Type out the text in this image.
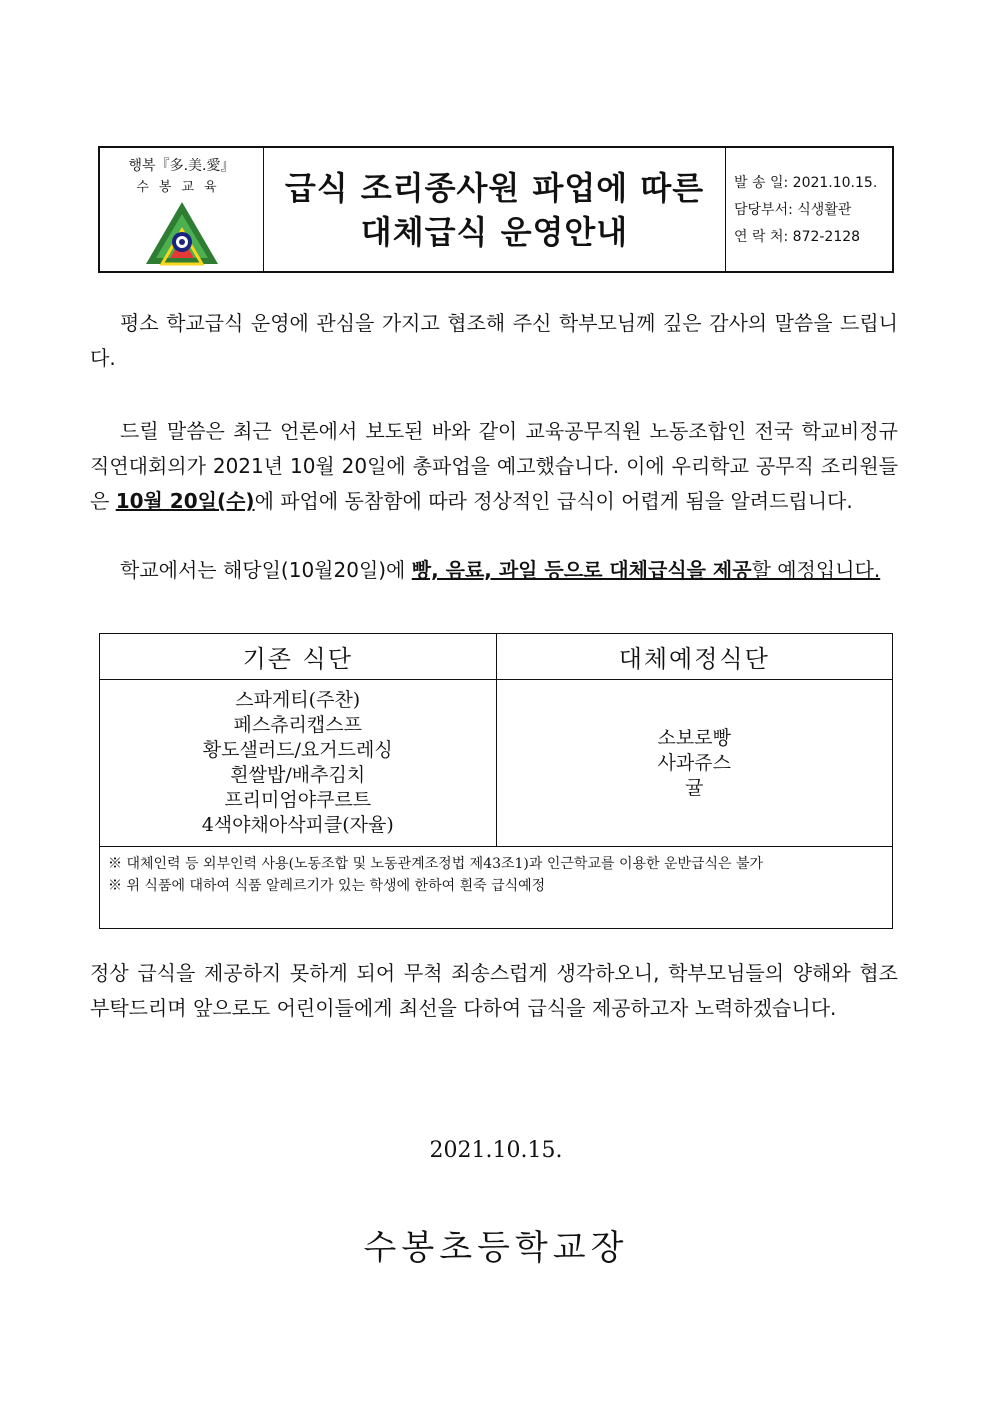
행복『多.美.愛』
수봉교육	급식 조리종사원 파업에 따른
대체급식 운영안내
발 송 일: 2021.10.15.
담당부서: 식생활관
연 락 처: 872-2128
평소 학교급식 운영에 관심을 가지고 협조해 주신 학부모님께 깊은 감사의 말씀을 드립니다.
드릴 말씀은 최근 언론에서 보도된 바와 같이 교육공무직원 노동조합인 전국 학교비정규직연대회의가 2021년 10월 20일에 총파업을 예고했습니다. 이에 우리학교 공무직 조리원들은 10월 20일(수)에 파업에 동참함에 따라 정상적인 급식이 어렵게 됨을 알려드립니다.
학교에서는 해당일(10월20일)에 빵, 음료, 과일 등으로 대체급식을 제공할 예정입니다.
기존 식단	대체예정식단
스파게티(주찬)
페스츄리캡스프
황도샐러드/요거드레싱
흰쌀밥/배추김치
프리미엄야쿠르트
4색야채아삭피클(자율)
소보로빵
사과쥬스
귤
※ 대체인력 등 외부인력 사용(노동조합 및 노동관계조정법 제43조1)과 인근학교를 이용한 운반급식은 불가
※ 위 식품에 대하여 식품 알레르기가 있는 학생에 한하여 흰죽 급식예정
정상 급식을 제공하지 못하게 되어 무척 죄송스럽게 생각하오니, 학부모님들의 양해와 협조 부탁드리며 앞으로도 어린이들에게 최선을 다하여 급식을 제공하고자 노력하겠습니다.
2021.10.15.
수봉초등학교장
